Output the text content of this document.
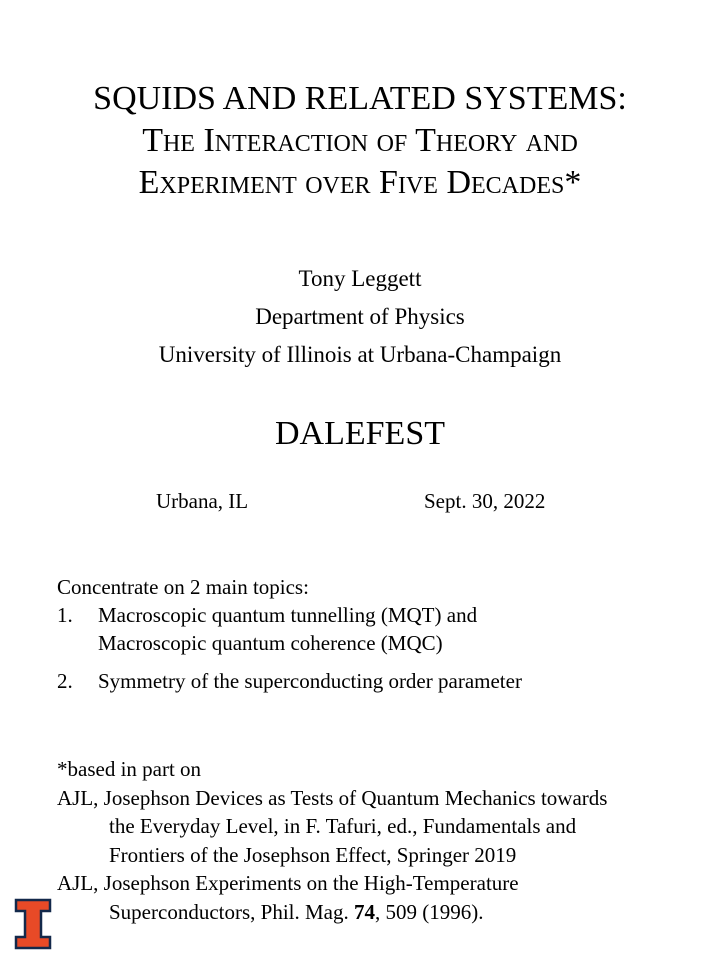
SQUIDS AND RELATED SYSTEMS:
The Interaction of Theory and
Experiment over Five Decades*
Tony Leggett
Department of Physics
University of Illinois at Urbana-Champaign
DALEFEST
Urbana, IL	Sept. 30, 2022
Concentrate on 2 main topics:
1. Macroscopic quantum tunnelling (MQT) and
Macroscopic quantum coherence (MQC)
2. Symmetry of the superconducting order parameter
*based in part on
AJL, Josephson Devices as Tests of Quantum Mechanics towards
the Everyday Level, in F. Tafuri, ed., Fundamentals and
Frontiers of the Josephson Effect, Springer 2019
AJL, Josephson Experiments on the High-Temperature
Superconductors, Phil. Mag. 74, 509 (1996).
